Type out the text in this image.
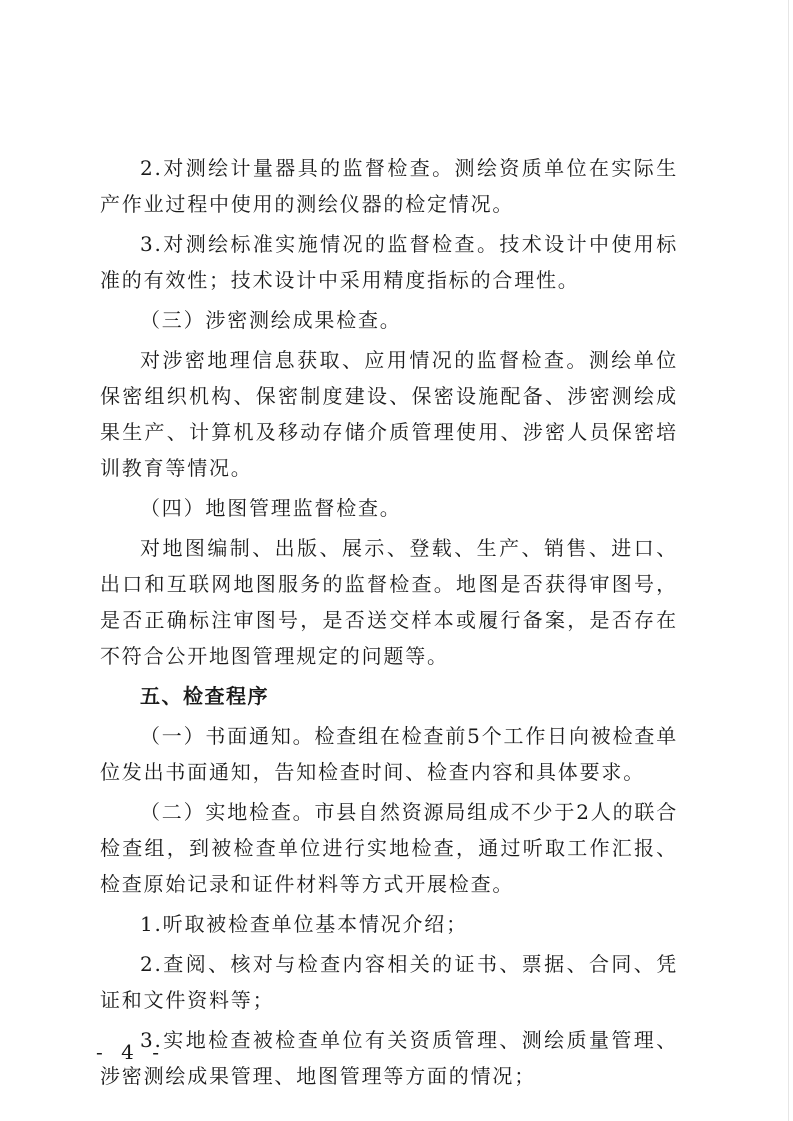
2.对测绘计量器具的监督检查。测绘资质单位在实际生产作业过程中使用的测绘仪器的检定情况。

3.对测绘标准实施情况的监督检查。技术设计中使用标准的有效性；技术设计中采用精度指标的合理性。

（三）涉密测绘成果检查。

对涉密地理信息获取、应用情况的监督检查。测绘单位保密组织机构、保密制度建设、保密设施配备、涉密测绘成果生产、计算机及移动存储介质管理使用、涉密人员保密培训教育等情况。

（四）地图管理监督检查。

对地图编制、出版、展示、登载、生产、销售、进口、出口和互联网地图服务的监督检查。地图是否获得审图号，是否正确标注审图号，是否送交样本或履行备案，是否存在不符合公开地图管理规定的问题等。

五、检查程序

（一）书面通知。检查组在检查前5个工作日向被检查单位发出书面通知，告知检查时间、检查内容和具体要求。

（二）实地检查。市县自然资源局组成不少于2人的联合检查组，到被检查单位进行实地检查，通过听取工作汇报、检查原始记录和证件材料等方式开展检查。

1.听取被检查单位基本情况介绍；

2.查阅、核对与检查内容相关的证书、票据、合同、凭证和文件资料等；

3.实地检查被检查单位有关资质管理、测绘质量管理、涉密测绘成果管理、地图管理等方面的情况；

- 4 -
